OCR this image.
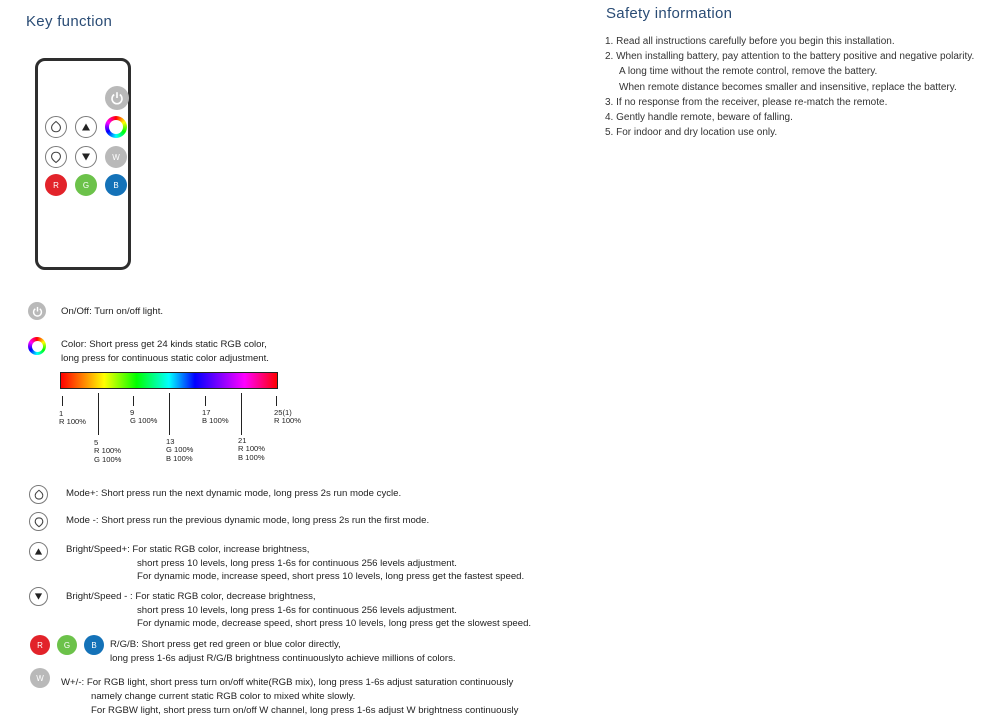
Key function
W
R	G	B
On/Off: Turn on/off light.
Color: Short press get 24 kinds static RGB color,
long press for continuous static color adjustment.
1
R 100%
9
G 100%
17
B 100%
25(1)
R 100%
5
R 100%
G 100%
13
G 100%
B 100%
21
R 100%
B 100%
Mode+: Short press run the next dynamic mode, long press 2s run mode cycle.
Mode -: Short press run the previous dynamic mode, long press 2s run the first mode.
Bright/Speed+: For static RGB color, increase brightness,
short press 10 levels, long press 1-6s for continuous 256 levels adjustment.
For dynamic mode, increase speed, short press 10 levels, long press get the fastest speed.
Bright/Speed - : For static RGB color, decrease brightness,
short press 10 levels, long press 1-6s for continuous 256 levels adjustment.
For dynamic mode, decrease speed, short press 10 levels, long press get the slowest speed.
R	G	B	R/G/B: Short press get red green or blue color directly,
long press 1-6s adjust R/G/B brightness continuouslyto achieve millions of colors.
W	W+/-: For RGB light, short press turn on/off white(RGB mix), long press 1-6s adjust saturation continuously
namely change current static RGB color to mixed white slowly.
For RGBW light, short press turn on/off W channel, long press 1-6s adjust W brightness continuously
Safety information
1. Read all instructions carefully before you begin this installation.
2. When installing battery, pay attention to the battery positive and negative polarity.
A long time without the remote control, remove the battery.
When remote distance becomes smaller and insensitive, replace the battery.
3. If no response from the receiver, please re-match the remote.
4. Gently handle remote, beware of falling.
5. For indoor and dry location use only.
